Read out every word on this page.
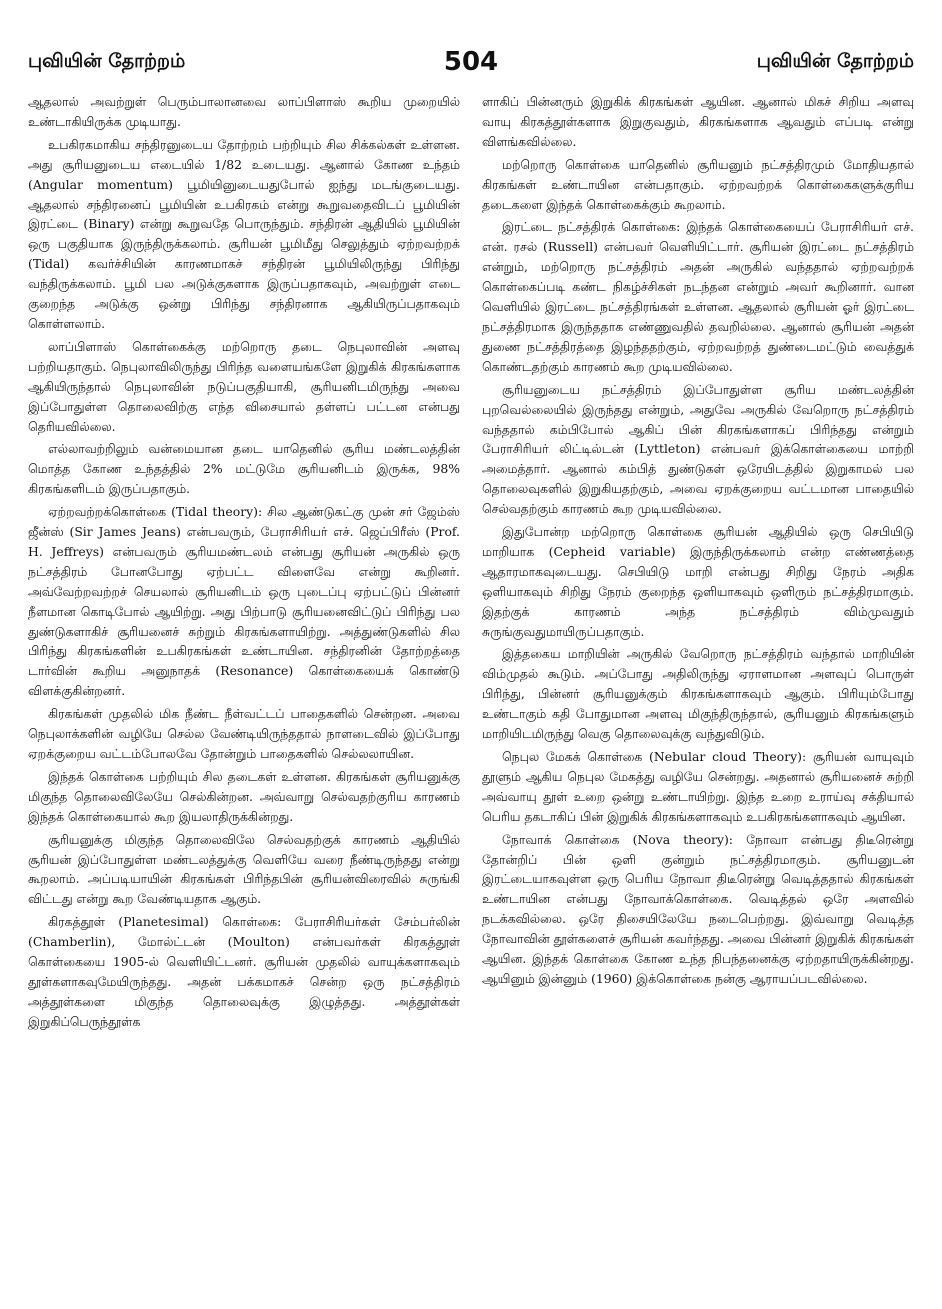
புவியின் தோற்றம்	504	புவியின் தோற்றம்

ஆதலால் அவற்றுள் பெரும்பாலானவை லாப்பிளாஸ் கூறிய முறையில் உண்டாகியிருக்க முடியாது.

உபகிரகமாகிய சந்திரனுடைய தோற்றம் பற்றியும் சில சிக்கல்கள் உள்ளன. அது சூரியனுடைய எடையில் 1/82 உடையது. ஆனால் கோண உந்தம் (Angular momentum) பூமியினுடையதுபோல் ஐந்து மடங்குடையது. ஆதலால் சந்திரனைப் பூமியின் உபகிரகம் என்று கூறுவதைவிடப் பூமியின் இரட்டை (Binary) என்று கூறுவதே பொருந்தும். சந்திரன் ஆதியில் பூமியின் ஒரு பகுதியாக இருந்திருக்கலாம். சூரியன் பூமிமீது செலுத்தும் ஏற்றவற்றக் (Tidal) கவர்ச்சியின் காரணமாகச் சந்திரன் பூமியிலிருந்து பிரிந்து வந்திருக்கலாம். பூமி பல அடுக்குகளாக இருப்பதாகவும், அவற்றுள் எடை குறைந்த அடுக்கு ஒன்று பிரிந்து சந்திரனாக ஆகியிருப்பதாகவும் கொள்ளலாம்.

லாப்பிளாஸ் கொள்கைக்கு மற்றொரு தடை நெபுலாவின் அளவு பற்றியதாகும். நெபுலாவிலிருந்து பிரிந்த வளையங்களே இறுகிக் கிரகங்களாக ஆகியிருந்தால் நெபுலாவின் நடுப்பகுதியாகி, சூரியனிடமிருந்து அவை இப்போதுள்ள தொலைவிற்கு எந்த விசையால் தள்ளப் பட்டன என்பது தெரியவில்லை.

எல்லாவற்றிலும் வன்மையான தடை யாதெனில் சூரிய மண்டலத்தின் மொத்த கோண உந்தத்தில் 2% மட்டுமே சூரியனிடம் இருக்க, 98% கிரகங்களிடம் இருப்பதாகும்.

ஏற்றவற்றக்கொள்கை (Tidal theory): சில ஆண்டுகட்கு முன் சர் ஜேம்ஸ் ஜீன்ஸ் (Sir James Jeans) என்பவரும், பேராசிரியர் எச். ஜெப்பிரீஸ் (Prof. H. Jeffreys) என்பவரும் சூரியமண்டலம் என்பது சூரியன் அருகில் ஒரு நட்சத்திரம் போனபோது ஏற்பட்ட விளைவே என்று கூறினர். அவ்வேற்றவற்றச் செயலால் சூரியனிடம் ஒரு புடைப்பு ஏற்பட்டுப் பின்னர் நீளமான கொடிபோல் ஆயிற்று. அது பிற்பாடு சூரியனைவிட்டுப் பிரிந்து பல துண்டுகளாகிச் சூரியனைச் சுற்றும் கிரகங்களாயிற்று. அத்துண்டுகளில் சில பிரிந்து கிரகங்களின் உபகிரகங்கள் உண்டாயின. சந்திரனின் தோற்றத்தை டார்வின் கூறிய அனுநாதக் (Resonance) கொள்கையைக் கொண்டு விளக்குகின்றனர்.

கிரகங்கள் முதலில் மிக நீண்ட நீள்வட்டப் பாதைகளில் சென்றன. அவை நெபுலாக்களின் வழியே செல்ல வேண்டியிருந்ததால் நாளடைவில் இப்போது ஏறக்குறைய வட்டம்போலவே தோன்றும் பாதைகளில் செல்லலாயின.

இந்தக் கொள்கை பற்றியும் சில தடைகள் உள்ளன. கிரகங்கள் சூரியனுக்கு மிகுந்த தொலைவிலேயே செல்கின்றன. அவ்வாறு செல்வதற்குரிய காரணம் இந்தக் கொள்கையால் கூற இயலாதிருக்கின்றது.

சூரியனுக்கு மிகுந்த தொலைவிலே செல்வதற்குக் காரணம் ஆதியில் சூரியன் இப்போதுள்ள மண்டலத்துக்கு வெளியே வரை நீண்டிருந்தது என்று கூறலாம். அப்படியாயின் கிரகங்கள் பிரிந்தபின் சூரியன்விரைவில் சுருங்கி விட்டது என்று கூற வேண்டியதாக ஆகும்.

கிரகத்தூள் (Planetesimal) கொள்கை: பேராசிரியர்கள் சேம்பர்லின் (Chamberlin), மோல்ட்டன் (Moulton) என்பவர்கள் கிரகத்தூள் கொள்கையை 1905-ல் வெளியிட்டனர். சூரியன் முதலில் வாயுக்களாகவும் தூள்களாகவுமேயிருந்தது. அதன் பக்கமாகச் சென்ற ஒரு நட்சத்திரம் அத்தூள்களை மிகுந்த தொலைவுக்கு இழுத்தது. அத்தூள்கள் இறுகிப்பெருந்தூள்க

ளாகிப் பின்னரும் இறுகிக் கிரகங்கள் ஆயின. ஆனால் மிகச் சிறிய அளவு வாயு கிரகத்தூள்களாக இறுகுவதும், கிரகங்களாக ஆவதும் எப்படி என்று விளங்கவில்லை.

மற்றொரு கொள்கை யாதெனில் சூரியனும் நட்சத்திரமும் மோதியதால் கிரகங்கள் உண்டாயின என்பதாகும். ஏற்றவற்றக் கொள்கைகளுக்குரிய தடைகளை இந்தக் கொள்கைக்கும் கூறலாம்.

இரட்டை நட்சத்திரக் கொள்கை: இந்தக் கொள்கையைப் பேராசிரியர் எச். என். ரசல் (Russell) என்பவர் வெளியிட்டார். சூரியன் இரட்டை நட்சத்திரம் என்றும், மற்றொரு நட்சத்திரம் அதன் அருகில் வந்ததால் ஏற்றவற்றக் கொள்கைப்படி கண்ட நிகழ்ச்சிகள் நடந்தன என்றும் அவர் கூறினார். வான வெளியில் இரட்டை நட்சத்திரங்கள் உள்ளன. ஆதலால் சூரியன் ஓர் இரட்டை நட்சத்திரமாக இருந்ததாக எண்ணுவதில் தவறில்லை. ஆனால் சூரியன் அதன் துணை நட்சத்திரத்தை இழந்ததற்கும், ஏற்றவற்றத் துண்டைமட்டும் வைத்துக் கொண்டதற்கும் காரணம் கூற முடியவில்லை.

சூரியனுடைய நட்சத்திரம் இப்போதுள்ள சூரிய மண்டலத்தின் புறவெல்லையில் இருந்தது என்றும், அதுவே அருகில் வேறொரு நட்சத்திரம் வந்ததால் கம்பிபோல் ஆகிப் பின் கிரகங்களாகப் பிரிந்தது என்றும் பேராசிரியர் லிட்டில்டன் (Lyttleton) என்பவர் இக்கொள்கையை மாற்றி அமைத்தார். ஆனால் கம்பித் துண்டுகள் ஒரேயிடத்தில் இறுகாமல் பல தொலைவுகளில் இறுகியதற்கும், அவை ஏறக்குறைய வட்டமான பாதையில் செல்வதற்கும் காரணம் கூற முடியவில்லை.

இதுபோன்ற மற்றொரு கொள்கை சூரியன் ஆதியில் ஒரு செபியிடு மாறியாக (Cepheid variable) இருந்திருக்கலாம் என்ற எண்ணத்தை ஆதாரமாகவுடையது. செபியிடு மாறி என்பது சிறிது நேரம் அதிக ஒளியாகவும் சிறிது நேரம் குறைந்த ஒளியாகவும் ஒளிரும் நட்சத்திரமாகும். இதற்குக் காரணம் அந்த நட்சத்திரம் விம்முவதும் சுருங்குவதுமாயிருப்பதாகும்.

இத்தகைய மாறியின் அருகில் வேறொரு நட்சத்திரம் வந்தால் மாறியின் விம்முதல் கூடும். அப்போது அதிலிருந்து ஏராளமான அளவுப் பொருள் பிரிந்து, பின்னர் சூரியனுக்கும் கிரகங்களாகவும் ஆகும். பிரியும்போது உண்டாகும் கதி போதுமான அளவு மிகுந்திருந்தால், சூரியனும் கிரகங்களும் மாறியிடமிருந்து வெகு தொலைவுக்கு வந்துவிடும்.

நெபுல மேகக் கொள்கை (Nebular cloud Theory): சூரியன் வாயுவும் தூளும் ஆகிய நெபுல மேகத்து வழியே சென்றது. அதனால் சூரியனைச் சுற்றி அவ்வாயு தூள் உறை ஒன்று உண்டாயிற்று. இந்த உறை உராய்வு சக்தியால் பெரிய தகடாகிப் பின் இறுகிக் கிரகங்களாகவும் உபகிரகங்களாகவும் ஆயின.

நோவாக் கொள்கை (Nova theory): நோவா என்பது திடீரென்று தோன்றிப் பின் ஒளி குன்றும் நட்சத்திரமாகும். சூரியனுடன் இரட்டையாகவுள்ள ஒரு பெரிய நோவா திடீரென்று வெடித்ததால் கிரகங்கள் உண்டாயின என்பது நோவாக்கொள்கை. வெடித்தல் ஒரே அளவில் நடக்கவில்லை. ஒரே திசையிலேயே நடைபெற்றது. இவ்வாறு வெடித்த நோவாவின் தூள்களைச் சூரியன் கவர்ந்தது. அவை பின்னர் இறுகிக் கிரகங்கள் ஆயின. இந்தக் கொள்கை கோண உந்த நிபந்தனைக்கு ஏற்றதாயிருக்கின்றது. ஆயினும் இன்னும் (1960) இக்கொள்கை நன்கு ஆராயப்படவில்லை.
